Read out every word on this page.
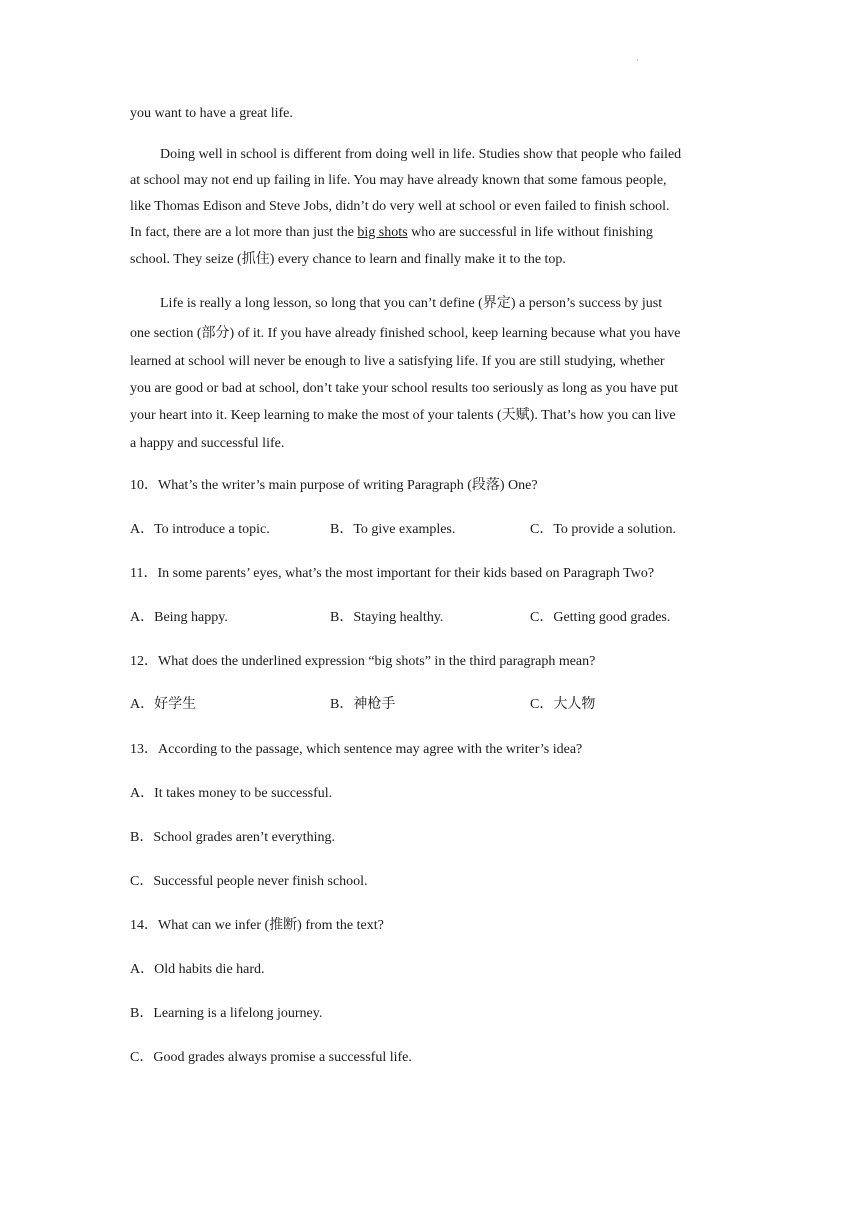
·
you want to have a great life.
Doing well in school is different from doing well in life. Studies show that people who failed
at school may not end up failing in life. You may have already known that some famous people,
like Thomas Edison and Steve Jobs, didn’t do very well at school or even failed to finish school.
In fact, there are a lot more than just the big shots who are successful in life without finishing
school. They seize (抓住) every chance to learn and finally make it to the top.
Life is really a long lesson, so long that you can’t define (界定) a person’s success by just
one section (部分) of it. If you have already finished school, keep learning because what you have
learned at school will never be enough to live a satisfying life. If you are still studying, whether
you are good or bad at school, don’t take your school results too seriously as long as you have put
your heart into it. Keep learning to make the most of your talents (天赋). That’s how you can live
a happy and successful life.
10．What’s the writer’s main purpose of writing Paragraph (段落) One?
A．To introduce a topic.	B．To give examples.	C．To provide a solution.
11．In some parents’ eyes, what’s the most important for their kids based on Paragraph Two?
A．Being happy.	B．Staying healthy.	C．Getting good grades.
12．What does the underlined expression “big shots” in the third paragraph mean?
A．好学生	B．神枪手	C．大人物
13．According to the passage, which sentence may agree with the writer’s idea?
A．It takes money to be successful.
B．School grades aren’t everything.
C．Successful people never finish school.
14．What can we infer (推断) from the text?
A．Old habits die hard.
B．Learning is a lifelong journey.
C．Good grades always promise a successful life.
